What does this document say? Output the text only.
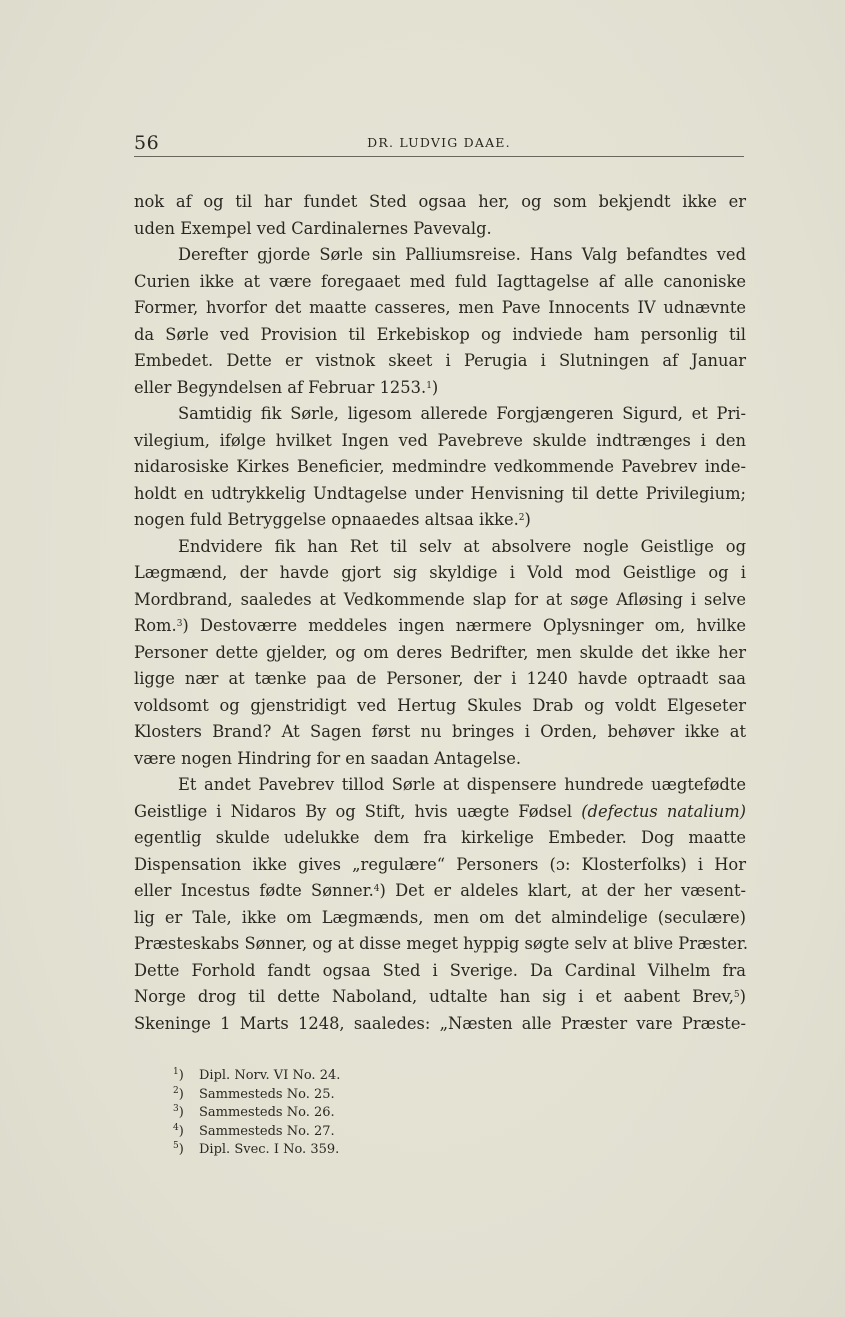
56	DR. LUDVIG DAAE.
nok af og til har fundet Sted ogsaa her, og som bekjendt ikke er
uden Exempel ved Cardinalernes Pavevalg.
Derefter gjorde Sørle sin Palliumsreise. Hans Valg befandtes ved
Curien ikke at være foregaaet med fuld Iagttagelse af alle canoniske
Former, hvorfor det maatte casseres, men Pave Innocents IV udnævnte
da Sørle ved Provision til Erkebiskop og indviede ham personlig til
Embedet. Dette er vistnok skeet i Perugia i Slutningen af Januar
eller Begyndelsen af Februar 1253.$^1$)
Samtidig fik Sørle, ligesom allerede Forgjængeren Sigurd, et Pri-
vilegium, ifølge hvilket Ingen ved Pavebreve skulde indtrænges i den
nidarosiske Kirkes Beneficier, medmindre vedkommende Pavebrev inde-
holdt en udtrykkelig Undtagelse under Henvisning til dette Privilegium;
nogen fuld Betryggelse opnaaedes altsaa ikke.$^2$)
Endvidere fik han Ret til selv at absolvere nogle Geistlige og
Lægmænd, der havde gjort sig skyldige i Vold mod Geistlige og i
Mordbrand, saaledes at Vedkommende slap for at søge Afløsing i selve
Rom.$^3$) Destoværre meddeles ingen nærmere Oplysninger om, hvilke
Personer dette gjelder, og om deres Bedrifter, men skulde det ikke her
ligge nær at tænke paa de Personer, der i 1240 havde optraadt saa
voldsomt og gjenstridigt ved Hertug Skules Drab og voldt Elgeseter
Klosters Brand? At Sagen først nu bringes i Orden, behøver ikke at
være nogen Hindring for en saadan Antagelse.
Et andet Pavebrev tillod Sørle at dispensere hundrede uægtefødte
Geistlige i Nidaros By og Stift, hvis uægte Fødsel (defectus natalium)
egentlig skulde udelukke dem fra kirkelige Embeder. Dog maatte
Dispensation ikke gives „regulære“ Personers (ɔ: Klosterfolks) i Hor
eller Incestus fødte Sønner.$^4$) Det er aldeles klart, at der her væsent-
lig er Tale, ikke om Lægmænds, men om det almindelige (seculære)
Præsteskabs Sønner, og at disse meget hyppig søgte selv at blive Præster.
Dette Forhold fandt ogsaa Sted i Sverige. Da Cardinal Vilhelm fra
Norge drog til dette Naboland, udtalte han sig i et aabent Brev,$^5$)
Skeninge 1 Marts 1248, saaledes: „Næsten alle Præster vare Præste-
$^1$) Dipl. Norv. VI No. 24.
$^2$) Sammesteds No. 25.
$^3$) Sammesteds No. 26.
$^4$) Sammesteds No. 27.
$^5$) Dipl. Svec. I No. 359.
